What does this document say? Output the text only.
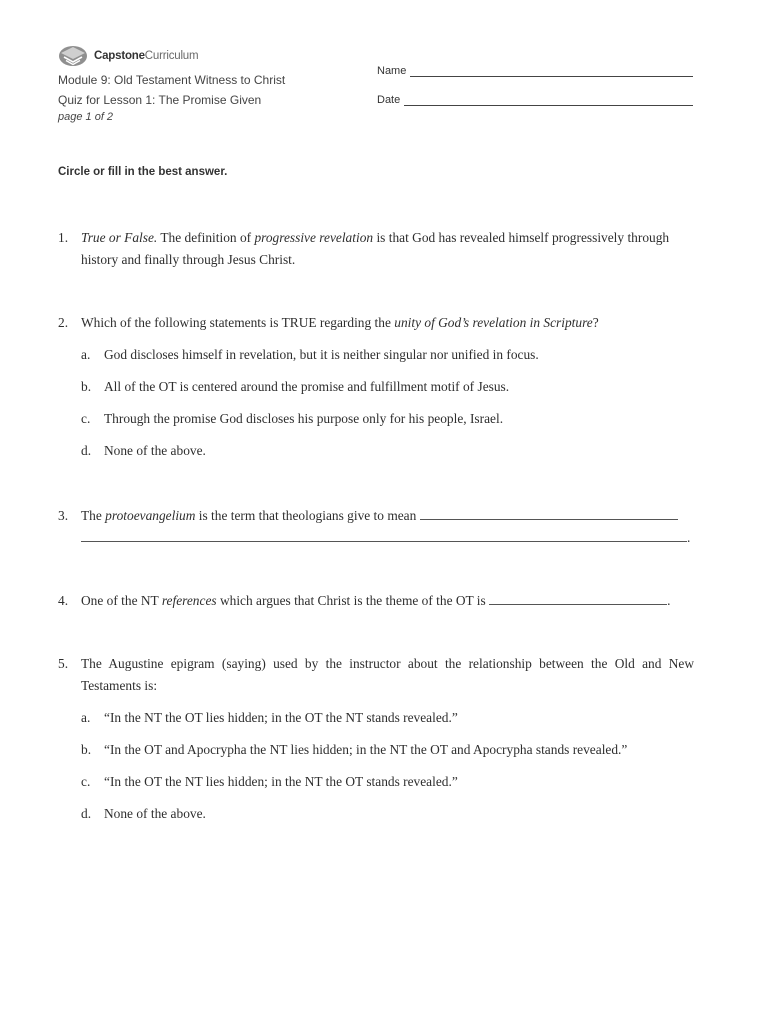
CapstoneCurriculum
Module 9: Old Testament Witness to Christ
Quiz for Lesson 1: The Promise Given
page 1 of 2
Name
Date
Circle or fill in the best answer.
1. True or False. The definition of progressive revelation is that God has revealed himself progressively through history and finally through Jesus Christ.
2. Which of the following statements is TRUE regarding the unity of God’s revelation in Scripture?
a. God discloses himself in revelation, but it is neither singular nor unified in focus.
b. All of the OT is centered around the promise and fulfillment motif of Jesus.
c. Through the promise God discloses his purpose only for his people, Israel.
d. None of the above.
3. The protoevangelium is the term that theologians give to mean
.
4. One of the NT references which argues that Christ is the theme of the OT is	.
5. The Augustine epigram (saying) used by the instructor about the relationship between the Old and New Testaments is:
a. “In the NT the OT lies hidden; in the OT the NT stands revealed.”
b. “In the OT and Apocrypha the NT lies hidden; in the NT the OT and Apocrypha stands revealed.”
c. “In the OT the NT lies hidden; in the NT the OT stands revealed.”
d. None of the above.
